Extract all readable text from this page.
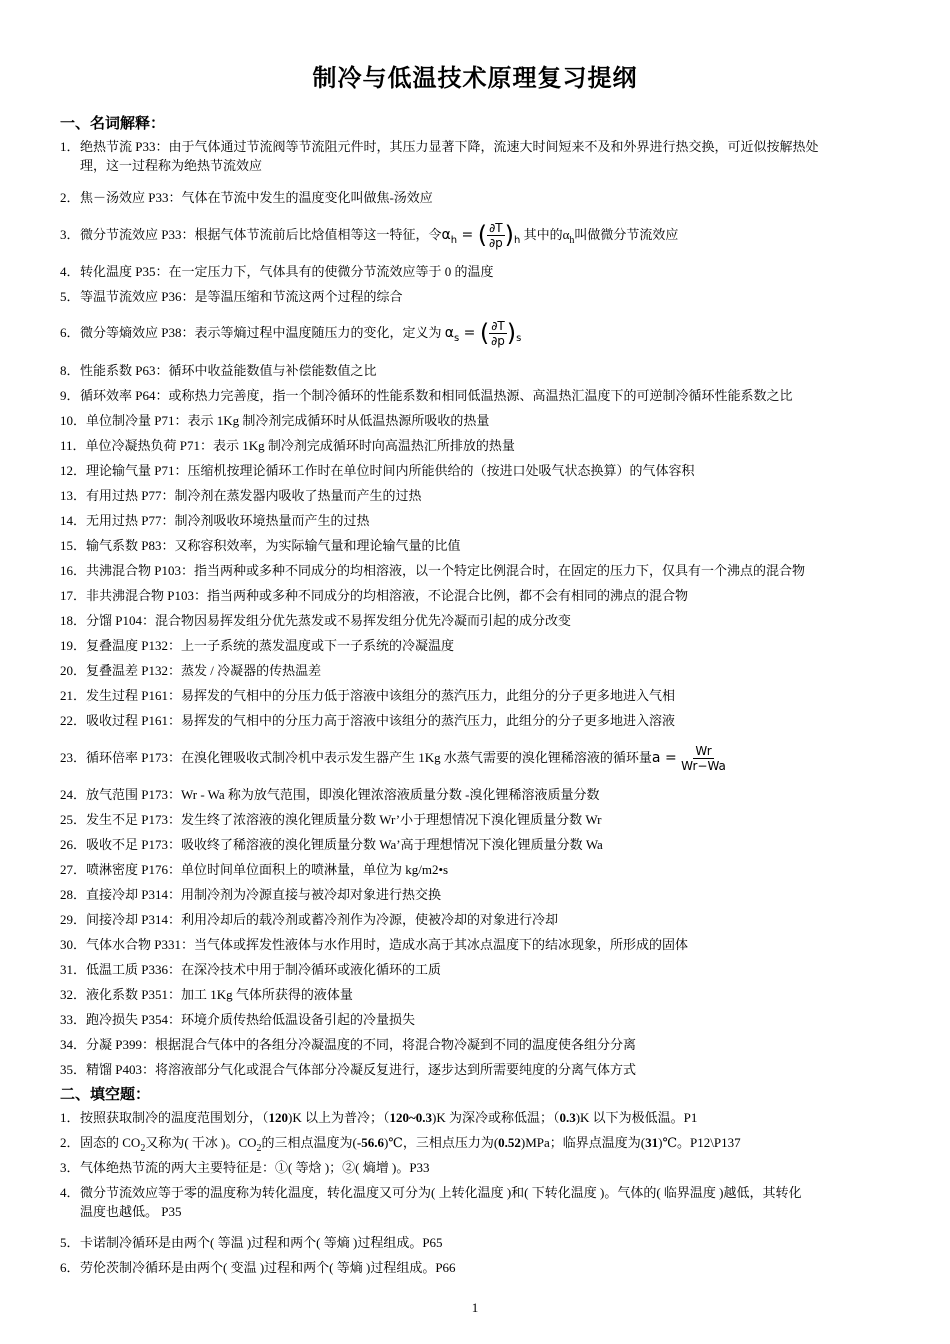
制冷与低温技术原理复习提纲
一、名词解释：
1．绝热节流 P33：由于气体通过节流阀等节流阻元件时，其压力显著下降，流速大时间短来不及和外界进行热交换，可近似按解热处
理，这一过程称为绝热节流效应
2．焦－汤效应 P33：气体在节流中发生的温度变化叫做焦-汤效应
3．微分节流效应 P33：根据气体节流前后比焓值相等这一特征，令$\alpha_h$ = ( $\frac{\partial T}{\partial p} )_h$ 其中的$\alpha_h$叫做微分节流效应
4．转化温度 P35：在一定压力下，气体具有的使微分节流效应等于 0 的温度
5．等温节流效应 P36：是等温压缩和节流这两个过程的综合
6．微分等熵效应 P38：表示等熵过程中温度随压力的变化，定义为 $\alpha_s$ = ( $\frac{\partial T}{\partial p} )_s$
8．性能系数 P63：循环中收益能数值与补偿能数值之比
9．循环效率 P64：或称热力完善度，指一个制冷循环的性能系数和相同低温热源、高温热汇温度下的可逆制冷循环性能系数之比
10．单位制冷量 P71：表示 1Kg 制冷剂完成循环时从低温热源所吸收的热量
11．单位冷凝热负荷 P71：表示 1Kg 制冷剂完成循环时向高温热汇所排放的热量
12．理论输气量 P71：压缩机按理论循环工作时在单位时间内所能供给的（按进口处吸气状态换算）的气体容积
13．有用过热 P77：制冷剂在蒸发器内吸收了热量而产生的过热
14．无用过热 P77：制冷剂吸收环境热量而产生的过热
15．输气系数 P83：又称容积效率，为实际输气量和理论输气量的比值
16．共沸混合物 P103：指当两种或多种不同成分的均相溶液，以一个特定比例混合时，在固定的压力下，仅具有一个沸点的混合物
17．非共沸混合物 P103：指当两种或多种不同成分的均相溶液，不论混合比例，都不会有相同的沸点的混合物
18．分馏 P104：混合物因易挥发组分优先蒸发或不易挥发组分优先冷凝而引起的成分改变
19．复叠温度 P132：上一子系统的蒸发温度或下一子系统的冷凝温度
20．复叠温差 P132：蒸发 / 冷凝器的传热温差
21．发生过程 P161：易挥发的气相中的分压力低于溶液中该组分的蒸汽压力，此组分的分子更多地进入气相
22．吸收过程 P161：易挥发的气相中的分压力高于溶液中该组分的蒸汽压力，此组分的分子更多地进入溶液
23．循环倍率 P173：在溴化锂吸收式制冷机中表示发生器产生 1Kg 水蒸气需要的溴化锂稀溶液的循环量$a = \frac{Wr}{Wr-Wa}$
24．放气范围 P173：Wr - Wa 称为放气范围，即溴化锂浓溶液质量分数 -溴化锂稀溶液质量分数
25．发生不足 P173：发生终了浓溶液的溴化锂质量分数 Wr’小于理想情况下溴化锂质量分数 Wr
26．吸收不足 P173：吸收终了稀溶液的溴化锂质量分数 Wa’高于理想情况下溴化锂质量分数 Wa
27．喷淋密度 P176：单位时间单位面积上的喷淋量，单位为 kg/m2•s
28．直接冷却 P314：用制冷剂为冷源直接与被冷却对象进行热交换
29．间接冷却 P314：利用冷却后的载冷剂或蓄冷剂作为冷源，使被冷却的对象进行冷却
30．气体水合物 P331：当气体或挥发性液体与水作用时，造成水高于其冰点温度下的结冰现象，所形成的固体
31．低温工质 P336：在深冷技术中用于制冷循环或液化循环的工质
32．液化系数 P351：加工 1Kg 气体所获得的液体量
33．跑冷损失 P354：环境介质传热给低温设备引起的冷量损失
34．分凝 P399：根据混合气体中的各组分冷凝温度的不同，将混合物冷凝到不同的温度使各组分分离
35．精馏 P403：将溶液部分气化或混合气体部分冷凝反复进行，逐步达到所需要纯度的分离气体方式
二、填空题：
1．按照获取制冷的温度范围划分，（120)K 以上为普冷；（120~0.3)K 为深冷或称低温；（0.3)K 以下为极低温。P1
2．固态的 $CO_2$又称为( 干冰 )。$CO_2$的三相点温度为(-56.6)℃，三相点压力为(0.52)MPa；临界点温度为(31)℃。P12\P137
3．气体绝热节流的两大主要特征是：①( 等焓 )；②( 熵增 )。P33
4．微分节流效应等于零的温度称为转化温度，转化温度又可分为( 上转化温度 )和( 下转化温度 )。气体的( 临界温度 )越低，其转化
温度也越低。 P35
5．卡诺制冷循环是由两个( 等温 )过程和两个( 等熵 )过程组成。P65
6．劳伦茨制冷循环是由两个( 变温 )过程和两个( 等熵 )过程组成。P66
1
